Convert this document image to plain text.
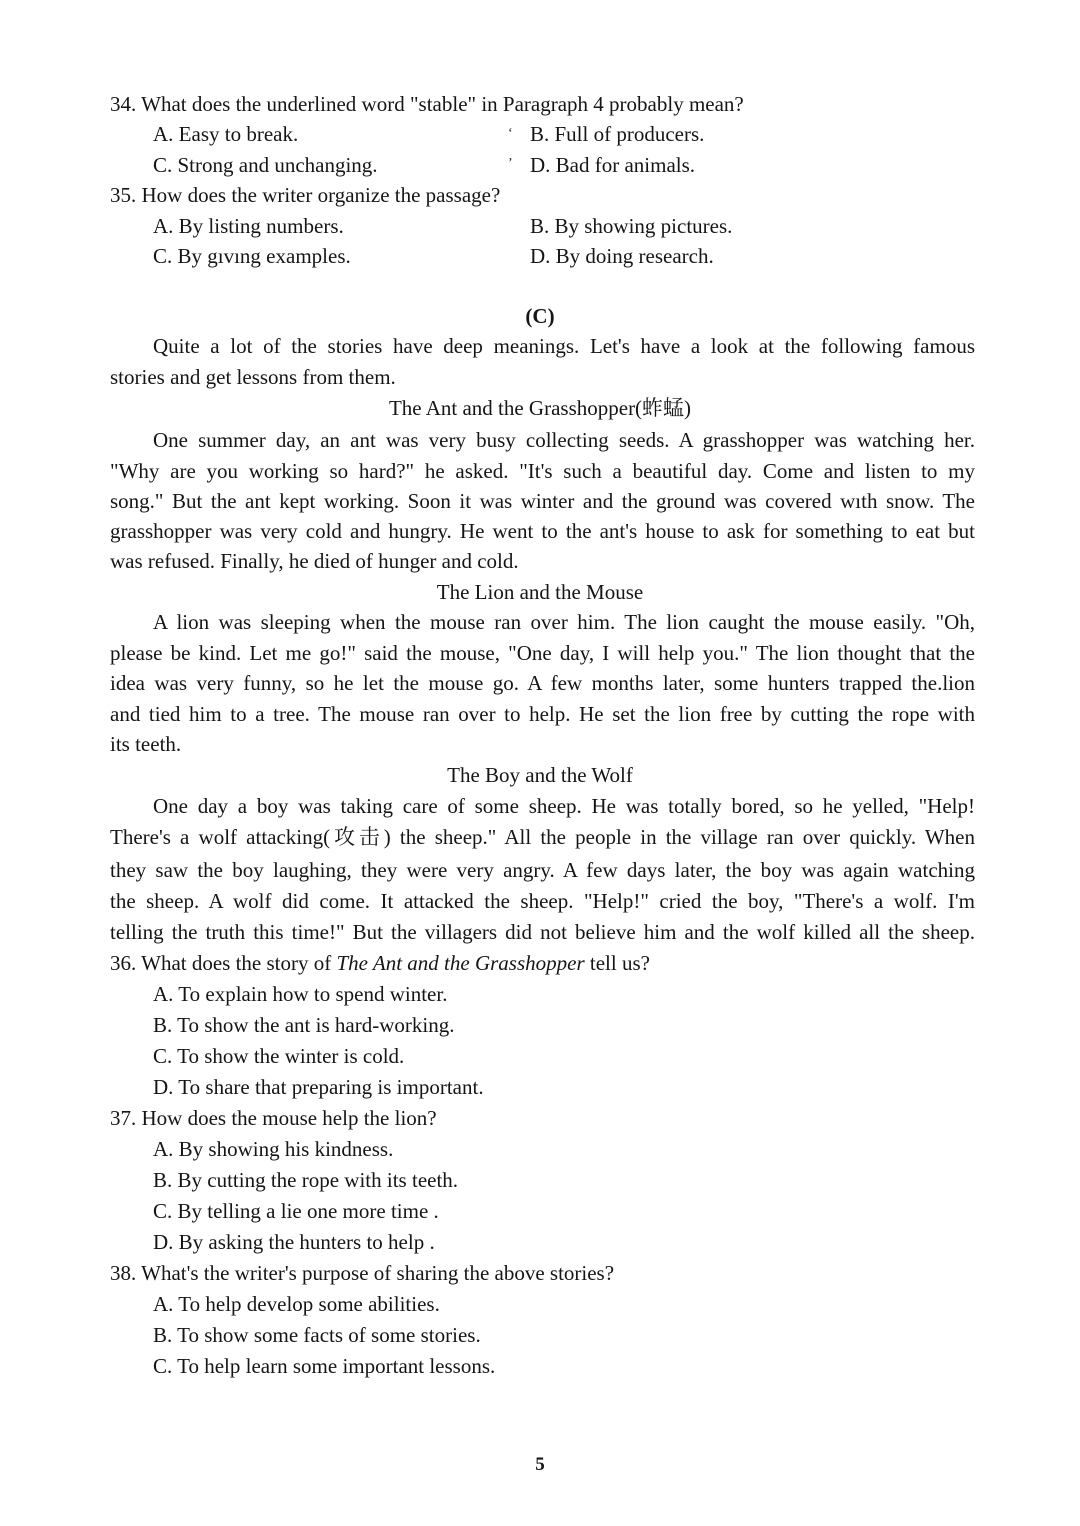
34. What does the underlined word "stable" in Paragraph 4 probably mean?
A. Easy to break.	‘ B. Full of producers.
C. Strong and unchanging.	’ D. Bad for animals.
35. How does the writer organize the passage?
A. By listing numbers.	B. By showing pictures.
C. By gıvıng examples.	D. By doing research.
(C)
Quite a lot of the stories have deep meanings. Let's have a look at the following famous
stories and get lessons from them.
The Ant and the Grasshopper(蚱蜢)
One summer day, an ant was very busy collecting seeds. A grasshopper was watching her.
"Why are you working so hard?" he asked. "It's such a beautiful day. Come and listen to my
song." But the ant kept working. Soon it was winter and the ground was covered wıth snow. The
grasshopper was very cold and hungry. He went to the ant's house to ask for something to eat but
was refused. Finally, he died of hunger and cold.
The Lion and the Mouse
A lion was sleeping when the mouse ran over him. The lion caught the mouse easily. "Oh,
please be kind. Let me go!" said the mouse, "One day, I will help you." The lion thought that the
idea was very funny, so he let the mouse go. A few months later, some hunters trapped the.lion
and tied him to a tree. The mouse ran over to help. He set the lion free by cutting the rope with
its teeth.
The Boy and the Wolf
One day a boy was taking care of some sheep. He was totally bored, so he yelled, "Help!
There's a wolf attacking(攻击) the sheep." All the people in the village ran over quickly. When
they saw the boy laughing, they were very angry. A few days later, the boy was again watching
the sheep. A wolf did come. It attacked the sheep. "Help!" cried the boy, "There's a wolf. I'm
telling the truth this time!" But the villagers did not believe him and the wolf killed all the sheep.
36. What does the story of The Ant and the Grasshopper tell us?
A. To explain how to spend winter.
B. To show the ant is hard-working.
C. To show the winter is cold.
D. To share that preparing is important.
37. How does the mouse help the lion?
A. By showing his kindness.
B. By cutting the rope with its teeth.
C. By telling a lie one more time .
D. By asking the hunters to help .
38. What's the writer's purpose of sharing the above stories?
A. To help develop some abilities.
B. To show some facts of some stories.
C. To help learn some important lessons.
5
